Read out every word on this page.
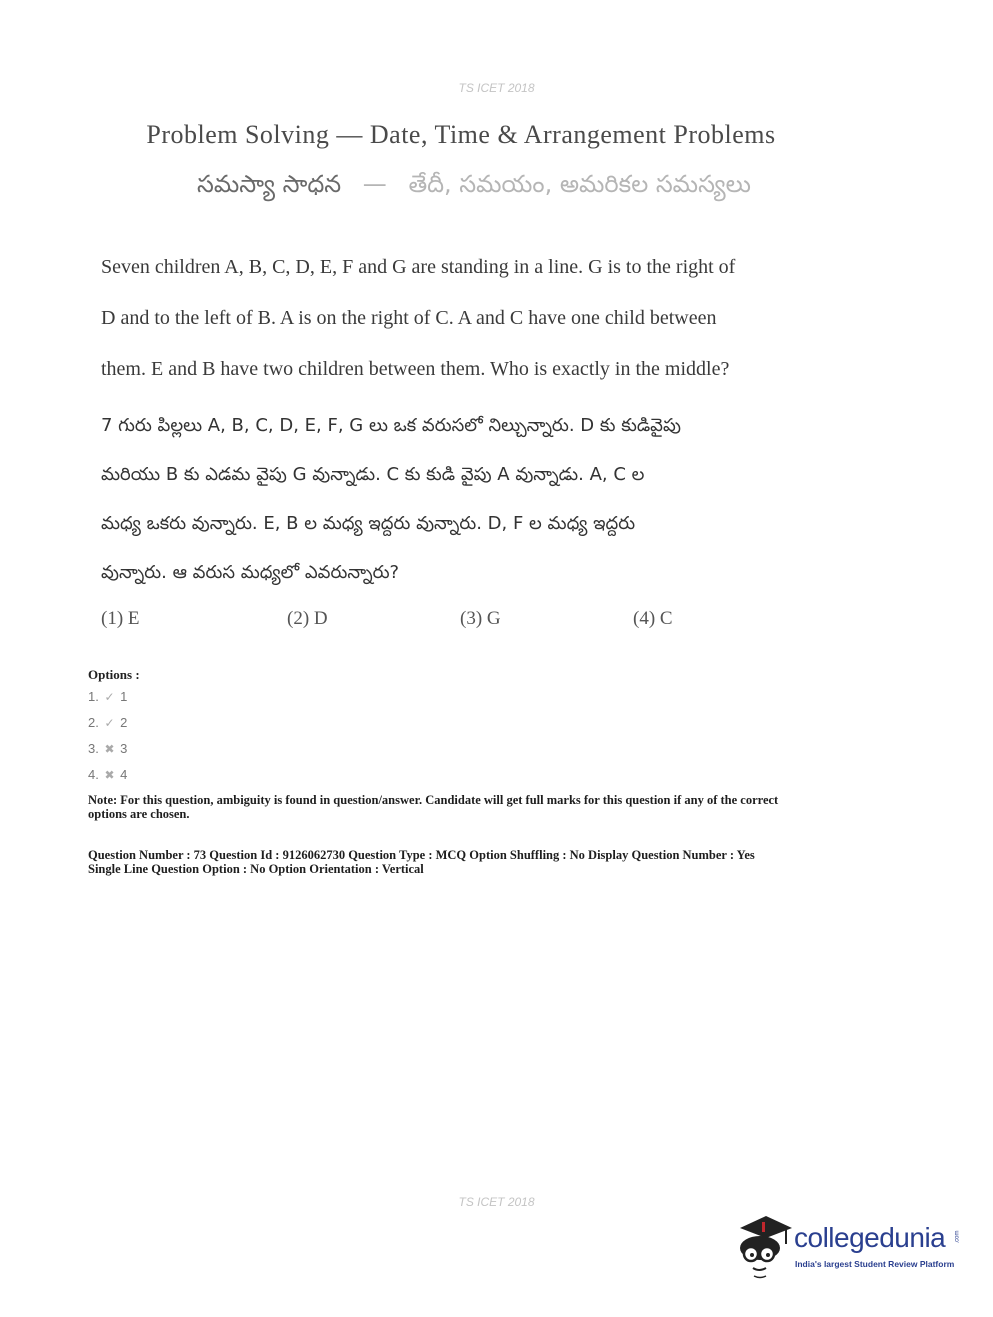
TS ICET 2018
Problem Solving — Date, Time & Arrangement Problems
సమస్యా సాధన — తేదీ, సమయం, అమరికల సమస్యలు
Seven children A, B, C, D, E, F and G are standing in a line. G is to the right of
D and to the left of B. A is on the right of C. A and C have one child between
them. E and B have two children between them. Who is exactly in the middle?
7 గురు పిల్లలు A, B, C, D, E, F, G లు ఒక వరుసలో నిల్చున్నారు. D కు కుడివైపు
మరియు B కు ఎడమ వైపు G వున్నాడు. C కు కుడి వైపు A వున్నాడు. A, C ల
మధ్య ఒకరు వున్నారు. E, B ల మధ్య ఇద్దరు వున్నారు. D, F ల మధ్య ఇద్దరు
వున్నారు. ఆ వరుస మధ్యలో ఎవరున్నారు?
(1) E	(2) D	(3) G	(4) C
Options :
1. ✓ 1
2. ✓ 2
3. ✖ 3
4. ✖ 4
Note: For this question, ambiguity is found in question/answer. Candidate will get full marks for this question if any of the correct
options are chosen.
Question Number : 73 Question Id : 9126062730 Question Type : MCQ Option Shuffling : No Display Question Number : Yes
Single Line Question Option : No Option Orientation : Vertical
TS ICET 2018
collegedunia .com
India's largest Student Review Platform
